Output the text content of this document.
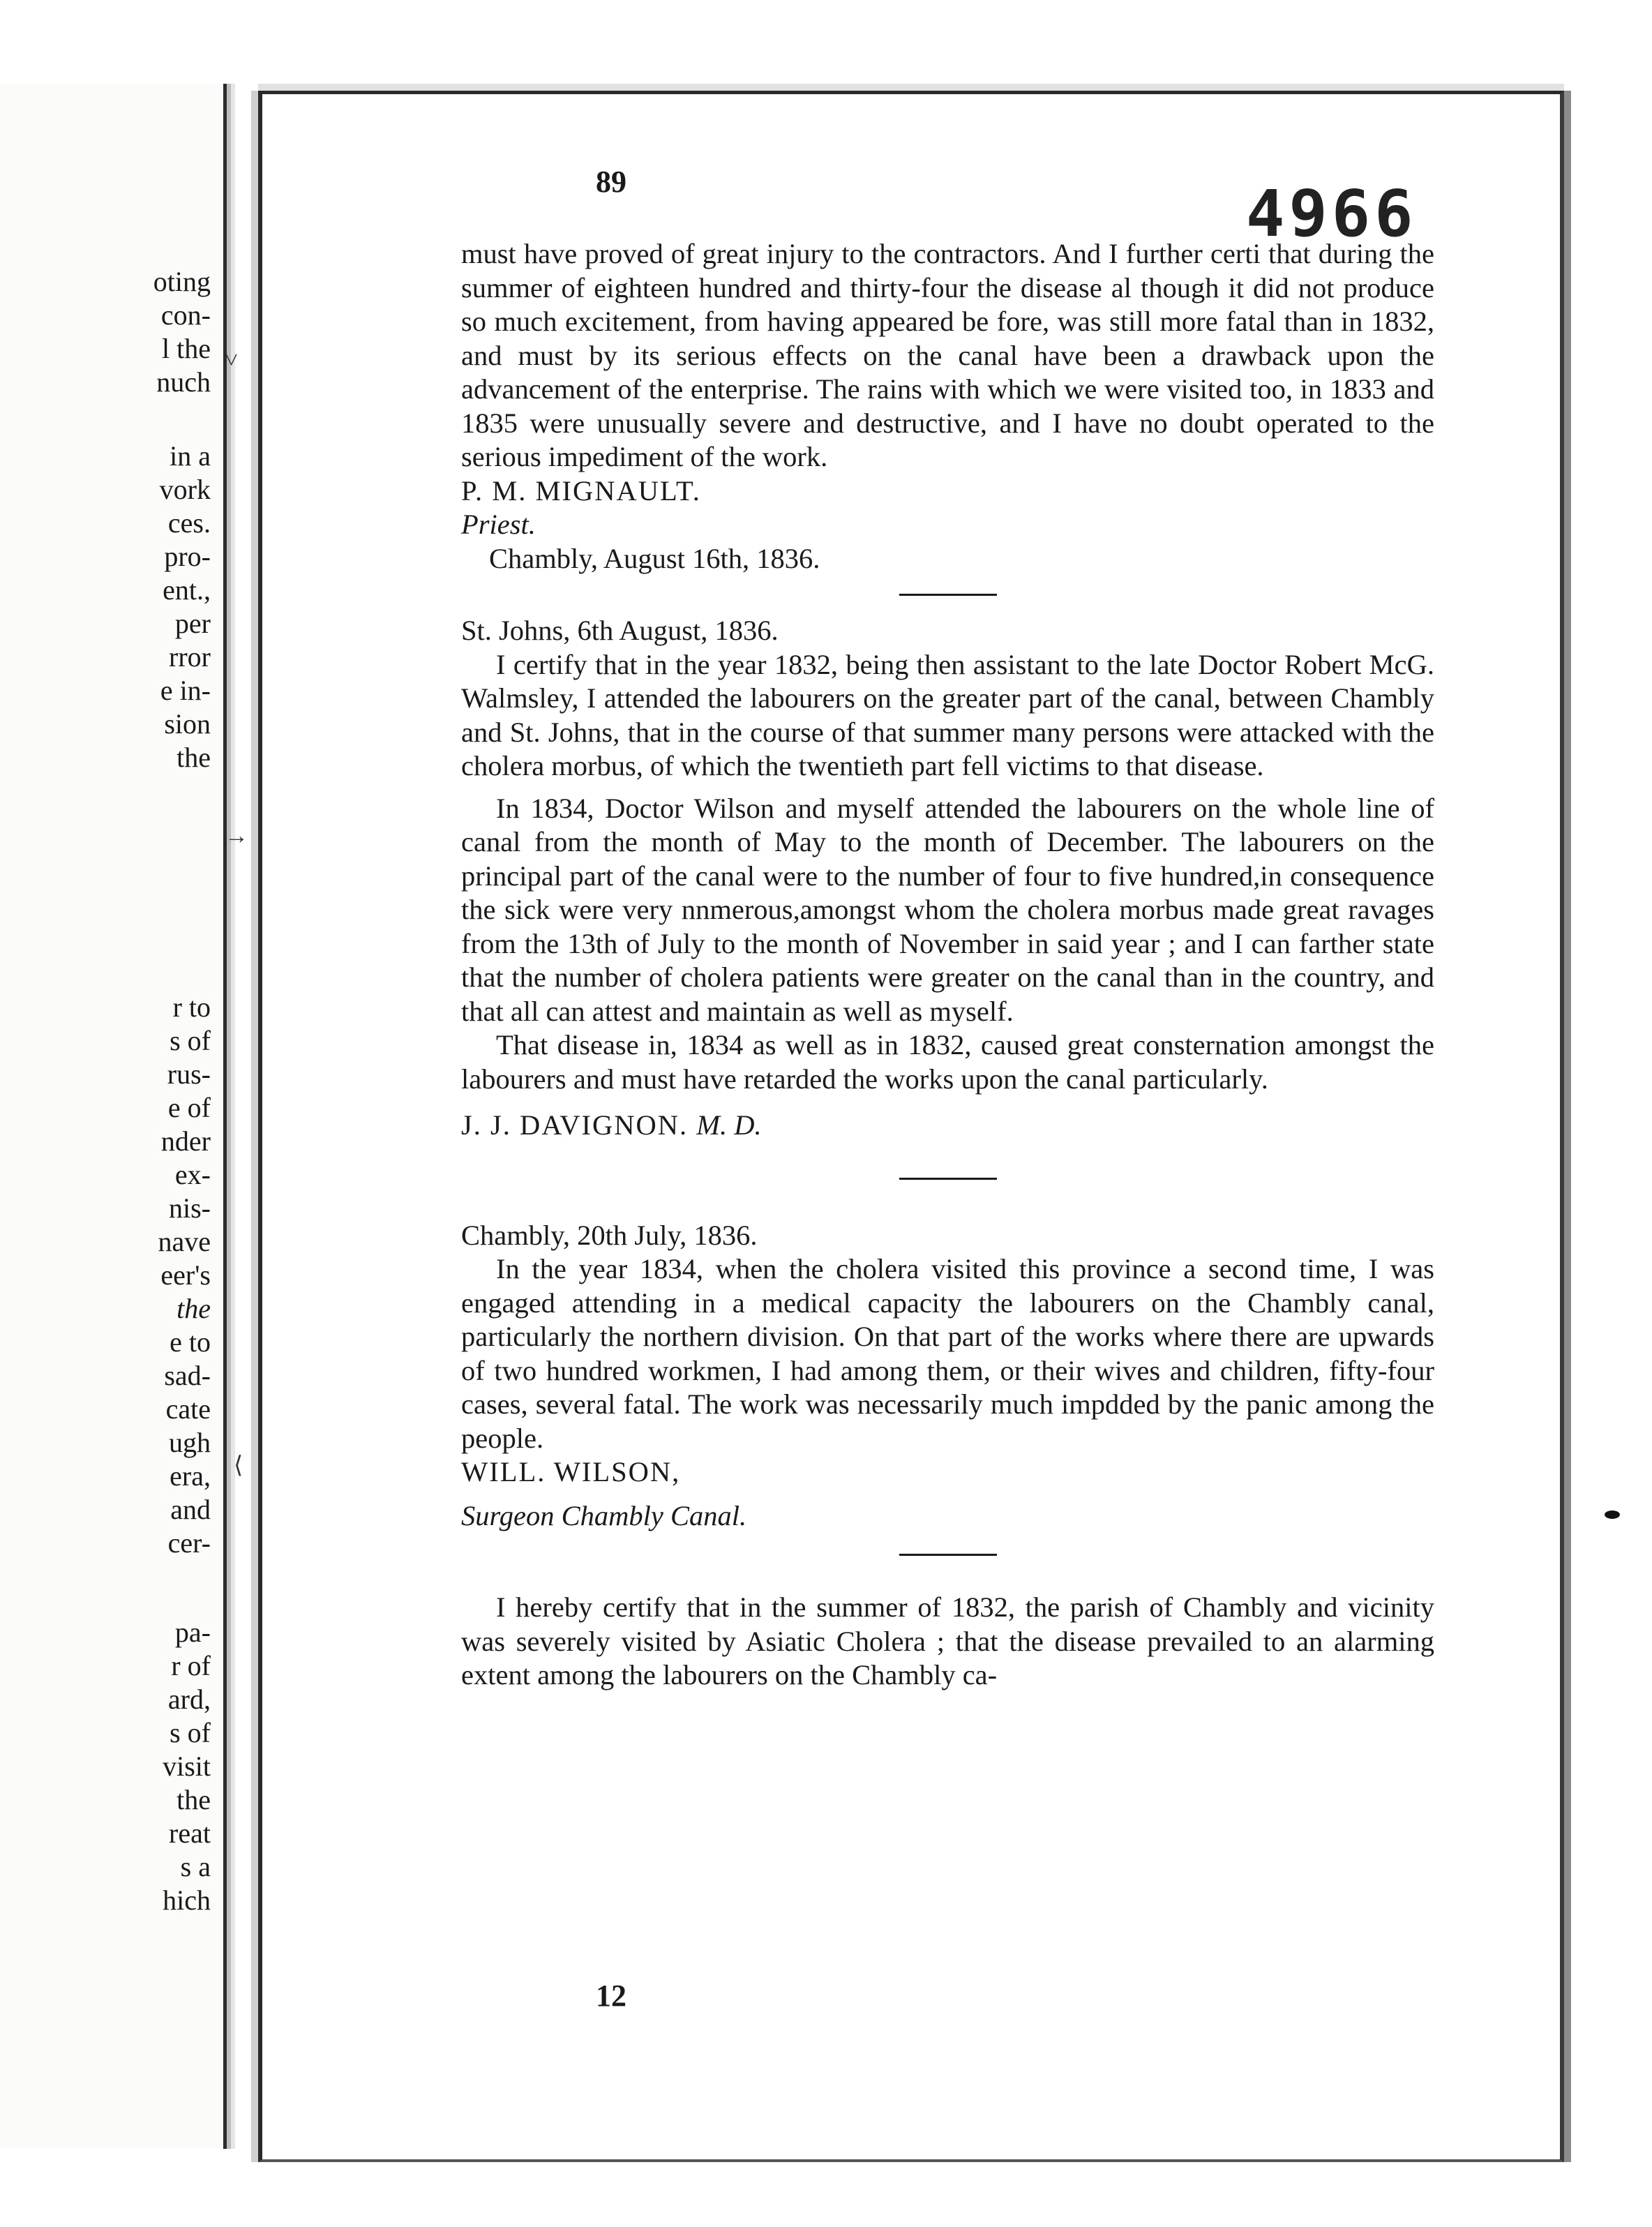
oting
con-
l the
nuch
in a
vork
ces.
pro-
ent.,
per
rror
e in-
sion
the
r to
s of
rus-
e of
nder
ex-
nis-
nave
eer's
the
e to
sad-
cate
ugh
era,
and
cer-
pa-
r of
ard,
s of
visit
the
reat
s a
hich
˅
→
⟨
89	4966

must have proved of great injury to the contractors. And I further certi that during the summer of eighteen hundred and thirty-four the disease al though it did not produce so much excitement, from having appeared be fore, was still more fatal than in 1832, and must by its serious effects on the canal have been a drawback upon the advancement of the enterprise. The rains with which we were visited too, in 1833 and 1835 were unusually severe and destructive, and I have no doubt operated to the serious impediment of the work.

P. M. MIGNAULT.

Priest.

Chambly, August 16th, 1836.

St. Johns, 6th August, 1836.

I certify that in the year 1832, being then assistant to the late Doctor Robert McG. Walmsley, I attended the labourers on the greater part of the canal, between Chambly and St. Johns, that in the course of that summer many persons were attacked with the cholera morbus, of which the twentieth part fell victims to that disease.

In 1834, Doctor Wilson and myself attended the labourers on the whole line of canal from the month of May to the month of December. The labourers on the principal part of the canal were to the number of four to five hundred,in consequence the sick were very nnmerous,amongst whom the cholera morbus made great ravages from the 13th of July to the month of November in said year ; and I can farther state that the number of cholera patients were greater on the canal than in the country, and that all can attest and maintain as well as myself.

That disease in, 1834 as well as in 1832, caused great consternation amongst the labourers and must have retarded the works upon the canal particularly.

J. J. DAVIGNON. M. D.

Chambly, 20th July, 1836.

In the year 1834, when the cholera visited this province a second time, I was engaged attending in a medical capacity the labourers on the Chambly canal, particularly the northern division. On that part of the works where there are upwards of two hundred workmen, I had among them, or their wives and children, fifty-four cases, several fatal. The work was necessarily much impdded by the panic among the people.

WILL. WILSON,

Surgeon Chambly Canal.

I hereby certify that in the summer of 1832, the parish of Chambly and vicinity was severely visited by Asiatic Cholera ; that the disease prevailed to an alarming extent among the labourers on the Chambly ca-

12
